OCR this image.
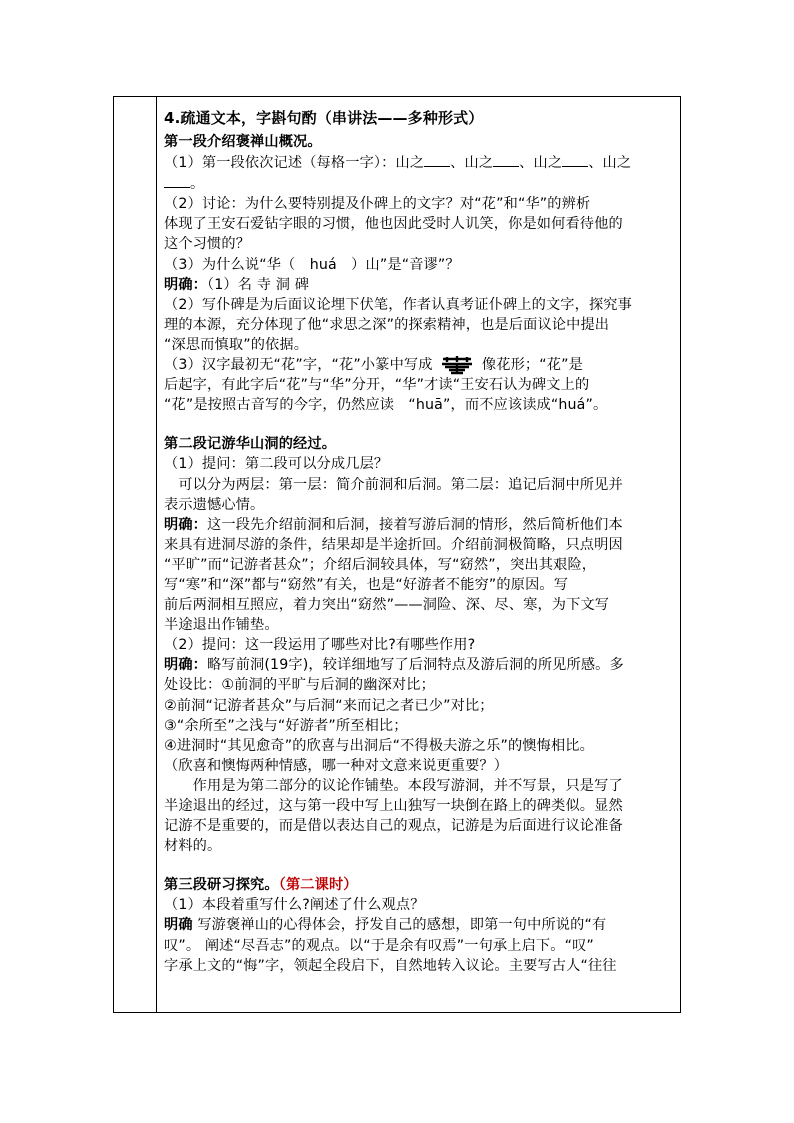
4.疏通文本，字斟句酌（串讲法——多种形式）
第一段介绍褒禅山概况。
（1）第一段依次记述（每格一字）：山之 、山之 、山之 、山之
。
（2）讨论：为什么要特别提及仆碑上的文字？对“花”和“华”的辨析
体现了王安石爱钻字眼的习惯，他也因此受时人讥笑，你是如何看待他的
这个习惯的？
（3）为什么说“华（　huá　）山”是“音谬”？
明确：（1）名 寺 洞 碑
（2）写仆碑是为后面议论埋下伏笔，作者认真考证仆碑上的文字，探究事
理的本源，充分体现了他“求思之深”的探索精神，也是后面议论中提出
“深思而慎取”的依据。
（3）汉字最初无“花”字，“花”小篆中写成	像花形；“花”是
后起字，有此字后“花”与“华”分开，“华”才读“王安石认为碑文上的
“花”是按照古音写的今字，仍然应读　“huā”，而不应该读成“huá”。
第二段记游华山洞的经过。
（1）提问：第二段可以分成几层？
　可以分为两层：第一层：简介前洞和后洞。第二层：追记后洞中所见并
表示遗憾心情。
明确：这一段先介绍前洞和后洞，接着写游后洞的情形，然后简析他们本
来具有进洞尽游的条件，结果却是半途折回。介绍前洞极简略，只点明因
“平旷”而“记游者甚众”；介绍后洞较具体，写“窈然”，突出其艰险，
写“寒”和“深”都与“窈然”有关，也是“好游者不能穷”的原因。写
前后两洞相互照应，着力突出“窈然”——洞险、深、尽、寒，为下文写
半途退出作铺垫。
（2）提问：这一段运用了哪些对比?有哪些作用?
明确：略写前洞(19字)，较详细地写了后洞特点及游后洞的所见所感。多
处设比：①前洞的平旷与后洞的幽深对比；
②前洞“记游者甚众”与后洞“来而记之者已少”对比；
③“余所至”之浅与“好游者”所至相比；
④进洞时“其见愈奇”的欣喜与出洞后“不得极夫游之乐”的懊悔相比。
（欣喜和懊悔两种情感，哪一种对文意来说更重要？）
　　作用是为第二部分的议论作铺垫。本段写游洞，并不写景，只是写了
半途退出的经过，这与第一段中写上山独写一块倒在路上的碑类似。显然
记游不是重要的，而是借以表达自己的观点，记游是为后面进行议论准备
材料的。
第三段研习探究。（第二课时）
（1）本段着重写什么?阐述了什么观点？
明确 写游褒禅山的心得体会，抒发自己的感想，即第一句中所说的“有
叹”。 阐述“尽吾志”的观点。以“于是余有叹焉”一句承上启下。“叹”
字承上文的“悔”字，领起全段启下，自然地转入议论。主要写古人“往往
